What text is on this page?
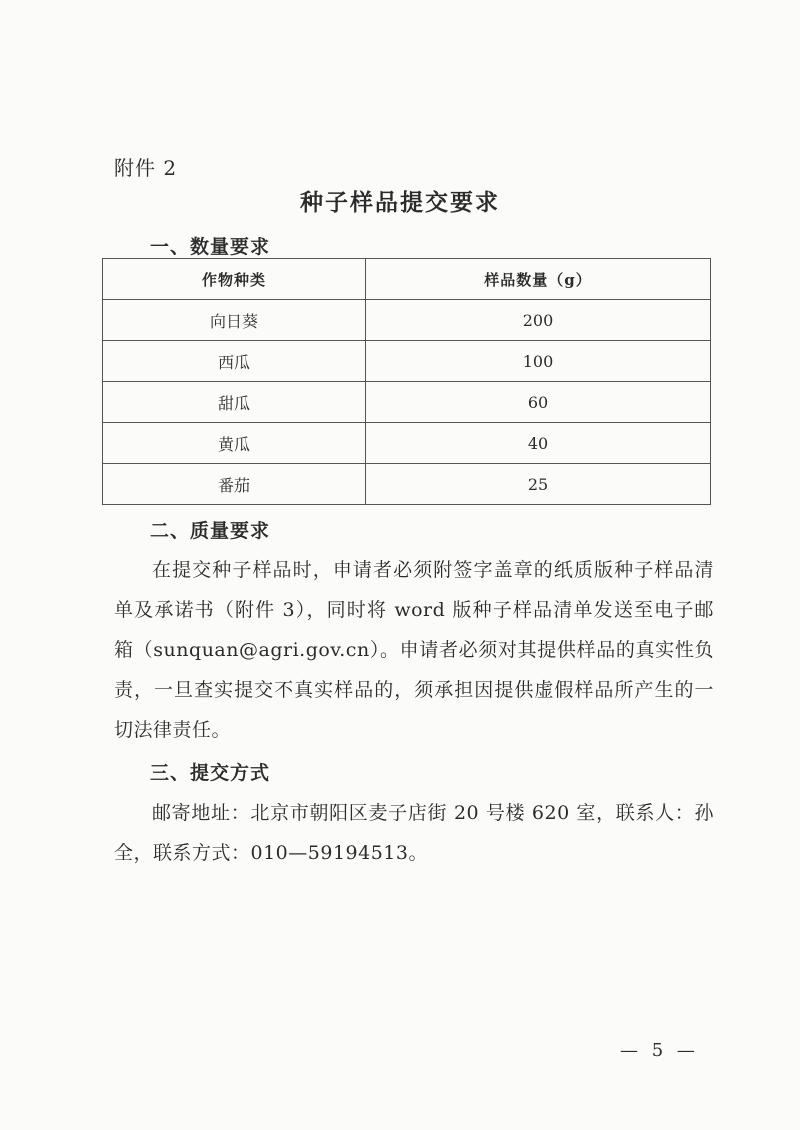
附件 2
种子样品提交要求
一、数量要求
作物种类	样品数量（g）
向日葵	200
西瓜	100
甜瓜	60
黄瓜	40
番茄	25
二、质量要求
在提交种子样品时，申请者必须附签字盖章的纸质版种子样品清单及承诺书（附件 3），同时将 word 版种子样品清单发送至电子邮箱（sunquan@agri.gov.cn）。申请者必须对其提供样品的真实性负责，一旦查实提交不真实样品的，须承担因提供虚假样品所产生的一切法律责任。
三、提交方式
邮寄地址：北京市朝阳区麦子店街 20 号楼 620 室，联系人：孙全，联系方式：010—59194513。
— 5 —
